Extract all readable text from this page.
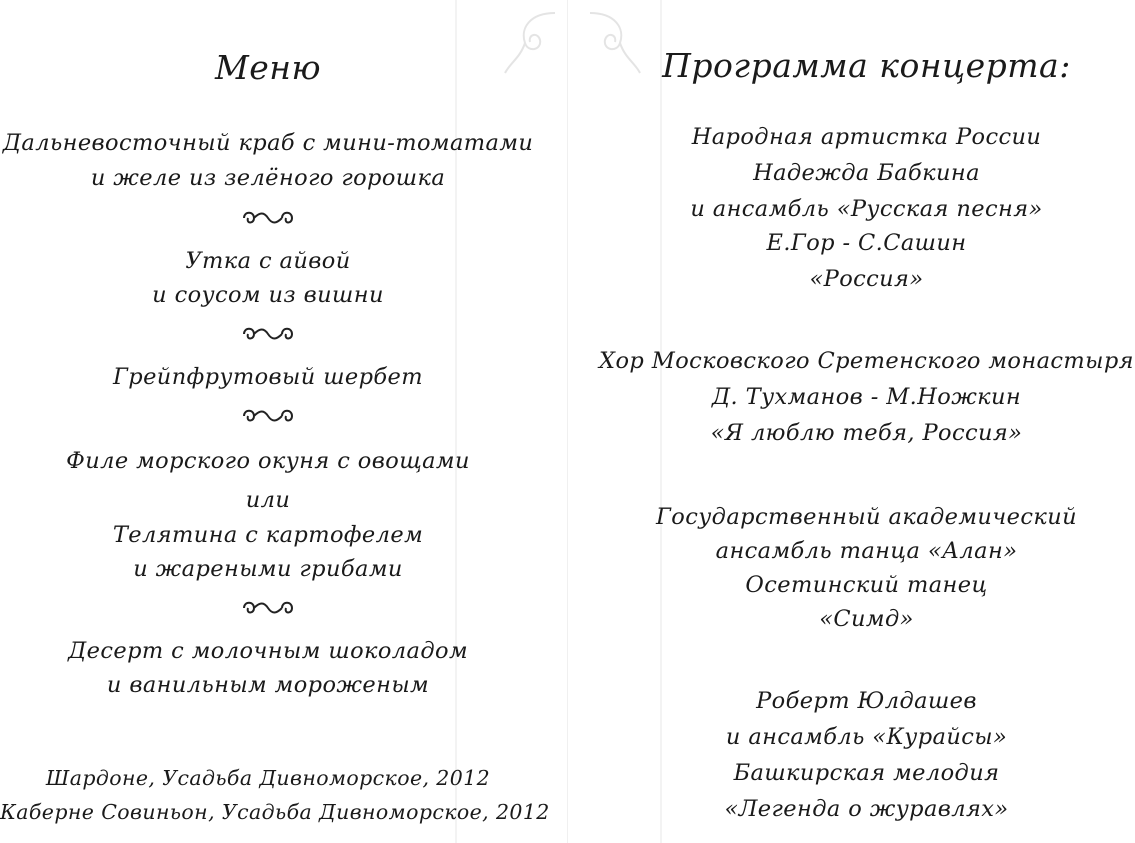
Меню
Дальневосточный краб с мини-томатами
и желе из зелёного горошка
Утка с айвой
и соусом из вишни
Грейпфрутовый шербет
Филе морского окуня с овощами
или
Телятина с картофелем
и жареными грибами
Десерт с молочным шоколадом
и ванильным мороженым
Шардоне, Усадьба Дивноморское, 2012
Каберне Совиньон, Усадьба Дивноморское, 2012
Программа концерта:
Народная артистка России
Надежда Бабкина
и ансамбль «Русская песня»
Е.Гор - С.Сашин
«Россия»
Хор Московского Сретенского монастыря
Д. Тухманов - М.Ножкин
«Я люблю тебя, Россия»
Государственный академический
ансамбль танца «Алан»
Осетинский танец
«Симд»
Роберт Юлдашев
и ансамбль «Курайсы»
Башкирская мелодия
«Легенда о журавлях»
